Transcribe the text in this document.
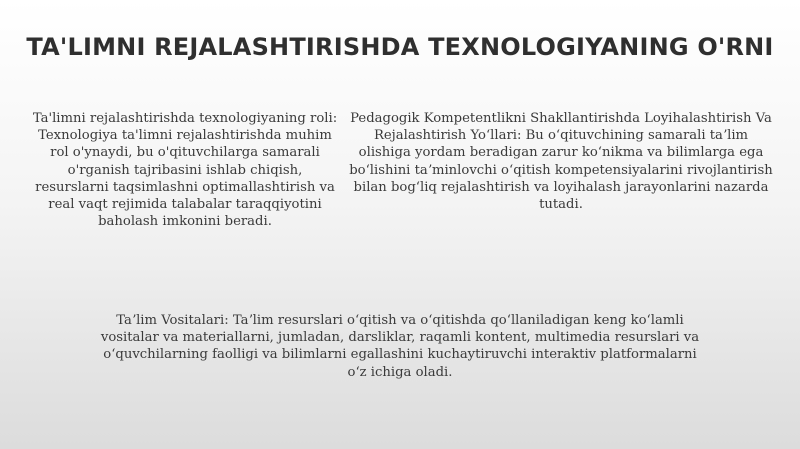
TA'LIMNI REJALASHTIRISHDA TEXNOLOGIYANING O'RNI
Ta'limni rejalashtirishda texnologiyaning roli: Texnologiya ta'limni rejalashtirishda muhim rol o'ynaydi, bu o'qituvchilarga samarali o'rganish tajribasini ishlab chiqish, resurslarni taqsimlashni optimallashtirish va real vaqt rejimida talabalar taraqqiyotini baholash imkonini beradi.
Pedagogik Kompetentlikni Shakllantirishda Loyihalashtirish Va Rejalashtirish Yoʻllari: Bu oʻqituvchining samarali taʼlim olishiga yordam beradigan zarur koʻnikma va bilimlarga ega boʻlishini taʼminlovchi oʻqitish kompetensiyalarini rivojlantirish bilan bogʻliq rejalashtirish va loyihalash jarayonlarini nazarda tutadi.
Taʼlim Vositalari: Taʼlim resurslari oʻqitish va oʻqitishda qoʻllaniladigan keng koʻlamli vositalar va materiallarni, jumladan, darsliklar, raqamli kontent, multimedia resurslari va oʻquvchilarning faolligi va bilimlarni egallashini kuchaytiruvchi interaktiv platformalarni oʻz ichiga oladi.
